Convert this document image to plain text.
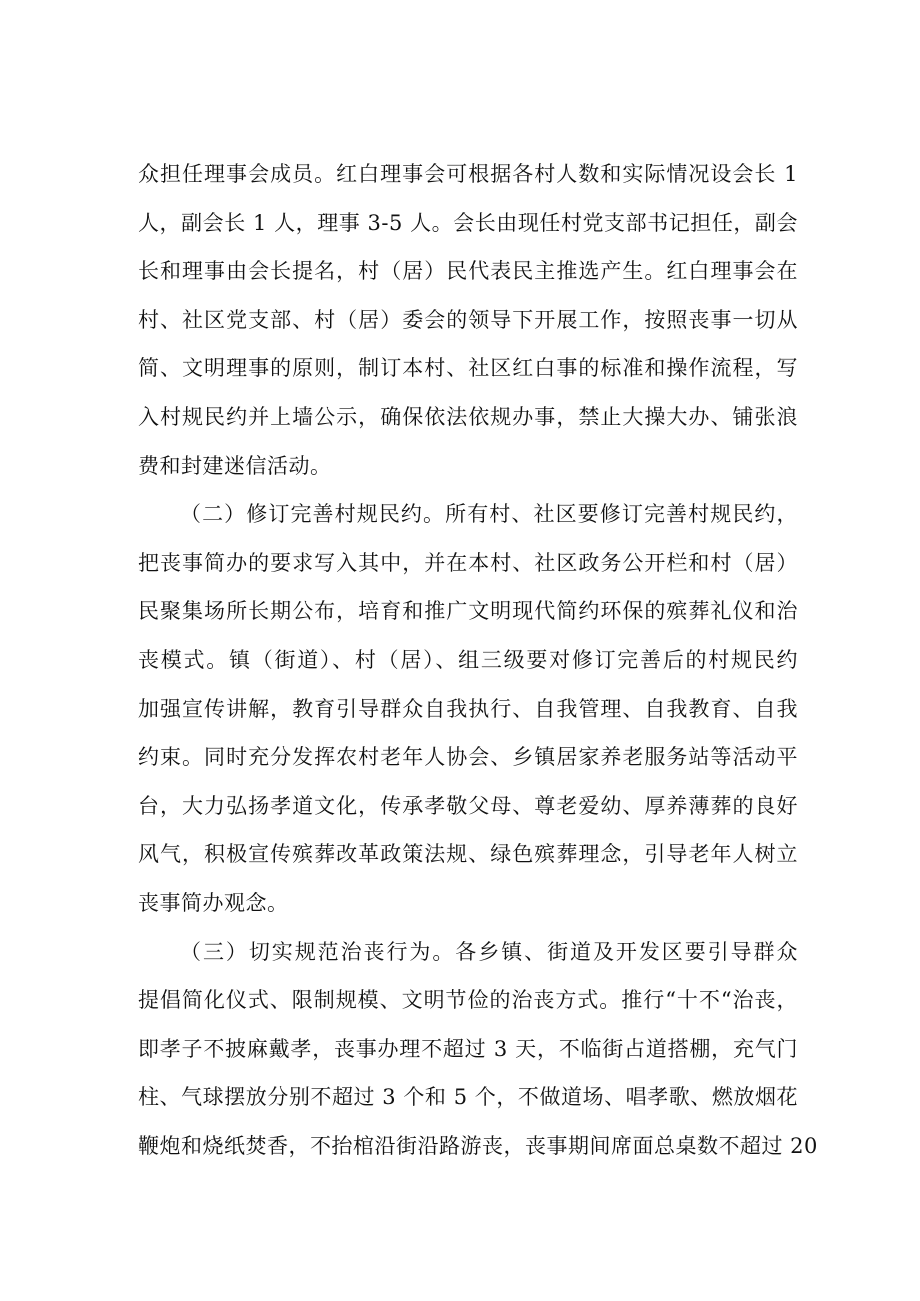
众担任理事会成员。红白理事会可根据各村人数和实际情况设会长 1
人，副会长 1 人，理事 3-5 人。会长由现任村党支部书记担任，副会
长和理事由会长提名，村（居）民代表民主推选产生。红白理事会在
村、社区党支部、村（居）委会的领导下开展工作，按照丧事一切从
简、文明理事的原则，制订本村、社区红白事的标准和操作流程，写
入村规民约并上墙公示，确保依法依规办事，禁止大操大办、铺张浪
费和封建迷信活动。
（二）修订完善村规民约。所有村、社区要修订完善村规民约，
把丧事简办的要求写入其中，并在本村、社区政务公开栏和村（居）
民聚集场所长期公布，培育和推广文明现代简约环保的殡葬礼仪和治
丧模式。镇（街道）、村（居）、组三级要对修订完善后的村规民约
加强宣传讲解，教育引导群众自我执行、自我管理、自我教育、自我
约束。同时充分发挥农村老年人协会、乡镇居家养老服务站等活动平
台，大力弘扬孝道文化，传承孝敬父母、尊老爱幼、厚养薄葬的良好
风气，积极宣传殡葬改革政策法规、绿色殡葬理念，引导老年人树立
丧事简办观念。
（三）切实规范治丧行为。各乡镇、街道及开发区要引导群众
提倡简化仪式、限制规模、文明节俭的治丧方式。推行“十不“治丧，
即孝子不披麻戴孝，丧事办理不超过 3 天，不临街占道搭棚，充气门
柱、气球摆放分别不超过 3 个和 5 个，不做道场、唱孝歌、燃放烟花
鞭炮和烧纸焚香，不抬棺沿街沿路游丧，丧事期间席面总桌数不超过 20
